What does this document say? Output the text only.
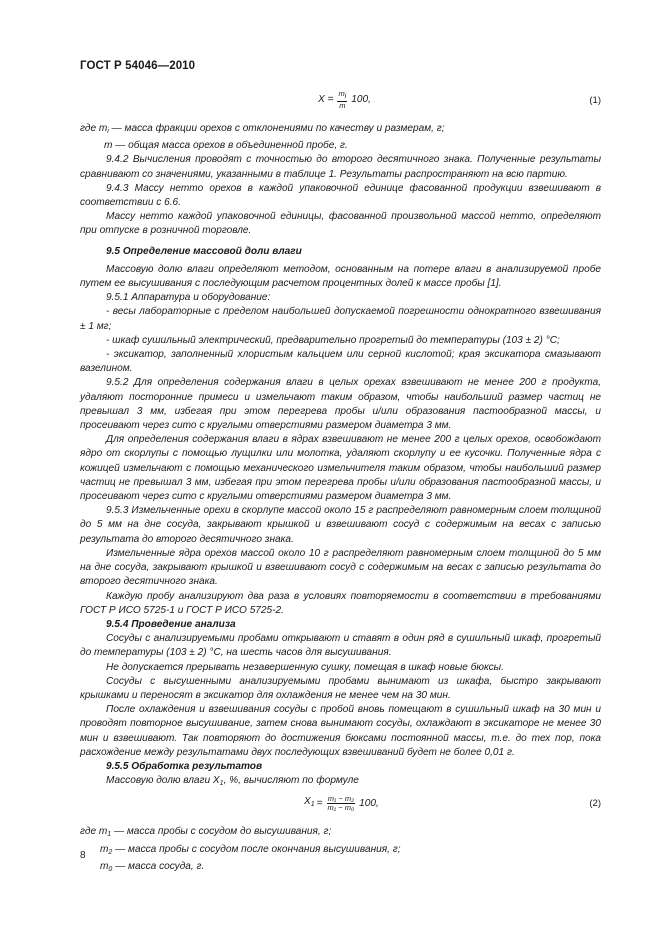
ГОСТ Р 54046—2010
$X = \frac{mi}{m} 100$,	(1)

где $m_i$ — масса фракции орехов с отклонениями по качеству и размерам, г;

m — общая масса орехов в объединенной пробе, г.

9.4.2 Вычисления проводят с точностью до второго десятичного знака. Полученные результаты сравнивают со значениями, указанными в таблице 1. Результаты распространяют на всю партию.

9.4.3 Массу нетто орехов в каждой упаковочной единице фасованной продукции взвешивают в соответствии с 6.6.

Массу нетто каждой упаковочной единицы, фасованной произвольной массой нетто, определяют при отпуске в розничной торговле.

9.5 Определение массовой доли влаги

Массовую долю влаги определяют методом, основанным на потере влаги в анализируемой пробе путем ее высушивания с последующим расчетом процентных долей к массе пробы [1].

9.5.1 Аппаратура и оборудование:

- весы лабораторные с пределом наибольшей допускаемой погрешности однократного взвешивания ± 1 мг;

- шкаф сушильный электрический, предварительно прогретый до температуры (103 ± 2) °С;

- эксикатор, заполненный хлористым кальцием или серной кислотой; края эксикатора смазывают вазелином.

9.5.2 Для определения содержания влаги в целых орехах взвешивают не менее 200 г продукта, удаляют посторонние примеси и измельчают таким образом, чтобы наибольший размер частиц не превышал 3 мм, избегая при этом перегрева пробы и/или образования пастообразной массы, и просеивают через сито с круглыми отверстиями размером диаметра 3 мм.

Для определения содержания влаги в ядрах взвешивают не менее 200 г целых орехов, освобождают ядро от скорлупы с помощью лущилки или молотка, удаляют скорлупу и ее кусочки. Полученные ядра с кожицей измельчают с помощью механического измельчителя таким образом, чтобы наибольший размер частиц не превышал 3 мм, избегая при этом перегрева пробы и/или образования пастообразной массы, и просеивают через сито с круглыми отверстиями размером диаметра 3 мм.

9.5.3 Измельченные орехи в скорлупе массой около 15 г распределяют равномерным слоем толщиной до 5 мм на дне сосуда, закрывают крышкой и взвешивают сосуд с содержимым на весах с записью результата до второго десятичного знака.

Измельченные ядра орехов массой около 10 г распределяют равномерным слоем толщиной до 5 мм на дне сосуда, закрывают крышкой и взвешивают сосуд с содержимым на весах с записью результата до второго десятичного знака.

Каждую пробу анализируют два раза в условиях повторяемости в соответствии в требованиями ГОСТ Р ИСО 5725-1 и ГОСТ Р ИСО 5725-2.

9.5.4 Проведение анализа

Сосуды с анализируемыми пробами открывают и ставят в один ряд в сушильный шкаф, прогретый до температуры (103 ± 2) °С, на шесть часов для высушивания.

Не допускается прерывать незавершенную сушку, помещая в шкаф новые бюксы.

Сосуды с высушенными анализируемыми пробами вынимают из шкафа, быстро закрывают крышками и переносят в эксикатор для охлаждения не менее чем на 30 мин.

После охлаждения и взвешивания сосуды с пробой вновь помещают в сушильный шкаф на 30 мин и проводят повторное высушивание, затем снова вынимают сосуды, охлаждают в эксикаторе не менее 30 мин и взвешивают. Так повторяют до достижения бюксами постоянной массы, т.е. до тех пор, пока расхождение между результатами двух последующих взвешиваний будет не более 0,01 г.

9.5.5 Обработка результатов

Массовую долю влаги $X_1$, %, вычисляют по формуле

$X_1 = \frac{\text{m₁ − m₂}}{\text{m₁ − m₀}} 100$,	(2)

где $m_1$ — масса пробы с сосудом до высушивания, г;

$m_2$ — масса пробы с сосудом после окончания высушивания, г;

$m_0$ — масса сосуда, г.

8
